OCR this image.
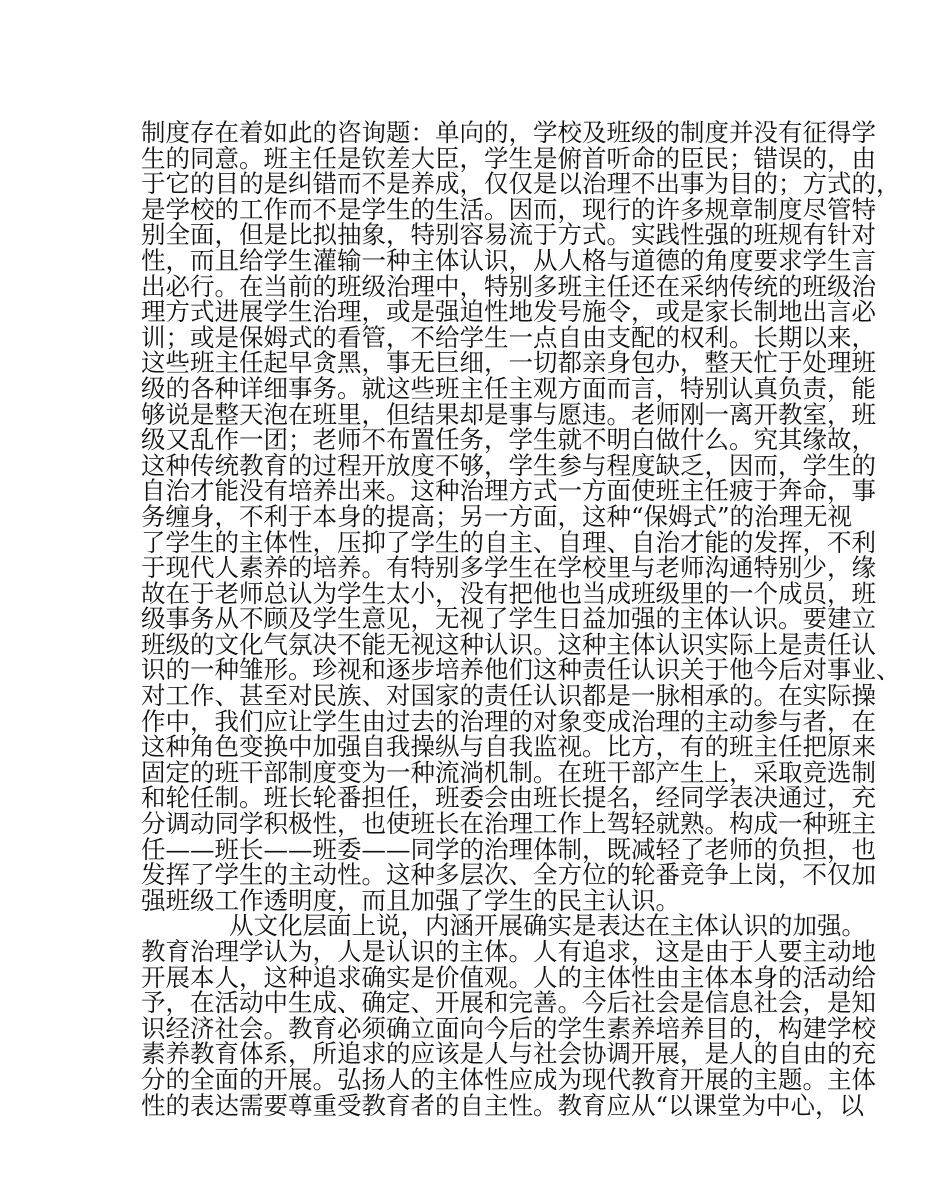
制度存在着如此的咨询题：单向的，学校及班级的制度并没有征得学
生的同意。班主任是钦差大臣，学生是俯首听命的臣民；错误的，由
于它的目的是纠错而不是养成，仅仅是以治理不出事为目的；方式的，
是学校的工作而不是学生的生活。因而，现行的许多规章制度尽管特
别全面，但是比拟抽象，特别容易流于方式。实践性强的班规有针对
性，而且给学生灌输一种主体认识，从人格与道德的角度要求学生言
出必行。在当前的班级治理中，特别多班主任还在采纳传统的班级治
理方式进展学生治理，或是强迫性地发号施令，或是家长制地出言必
训；或是保姆式的看管，不给学生一点自由支配的权利。长期以来，
这些班主任起早贪黑，事无巨细，一切都亲身包办，整天忙于处理班
级的各种详细事务。就这些班主任主观方面而言，特别认真负责，能
够说是整天泡在班里，但结果却是事与愿违。老师刚一离开教室，班
级又乱作一团；老师不布置任务，学生就不明白做什么。究其缘故，
这种传统教育的过程开放度不够，学生参与程度缺乏，因而，学生的
自治才能没有培养出来。这种治理方式一方面使班主任疲于奔命，事
务缠身，不利于本身的提高；另一方面，这种“保姆式”的治理无视
了学生的主体性，压抑了学生的自主、自理、自治才能的发挥，不利
于现代人素养的培养。有特别多学生在学校里与老师沟通特别少，缘
故在于老师总认为学生太小，没有把他也当成班级里的一个成员，班
级事务从不顾及学生意见，无视了学生日益加强的主体认识。要建立
班级的文化气氛决不能无视这种认识。这种主体认识实际上是责任认
识的一种雏形。珍视和逐步培养他们这种责任认识关于他今后对事业、
对工作、甚至对民族、对国家的责任认识都是一脉相承的。在实际操
作中，我们应让学生由过去的治理的对象变成治理的主动参与者，在
这种角色变换中加强自我操纵与自我监视。比方，有的班主任把原来
固定的班干部制度变为一种流淌机制。在班干部产生上，采取竞选制
和轮任制。班长轮番担任，班委会由班长提名，经同学表决通过，充
分调动同学积极性，也使班长在治理工作上驾轻就熟。构成一种班主
任——班长——班委——同学的治理体制，既减轻了老师的负担，也
发挥了学生的主动性。这种多层次、全方位的轮番竞争上岗，不仅加
强班级工作透明度，而且加强了学生的民主认识。
从文化层面上说，内涵开展确实是表达在主体认识的加强。
教育治理学认为，人是认识的主体。人有追求，这是由于人要主动地
开展本人，这种追求确实是价值观。人的主体性由主体本身的活动给
予，在活动中生成、确定、开展和完善。今后社会是信息社会，是知
识经济社会。教育必须确立面向今后的学生素养培养目的，构建学校
素养教育体系，所追求的应该是人与社会协调开展，是人的自由的充
分的全面的开展。弘扬人的主体性应成为现代教育开展的主题。主体
性的表达需要尊重受教育者的自主性。教育应从“以课堂为中心，以
